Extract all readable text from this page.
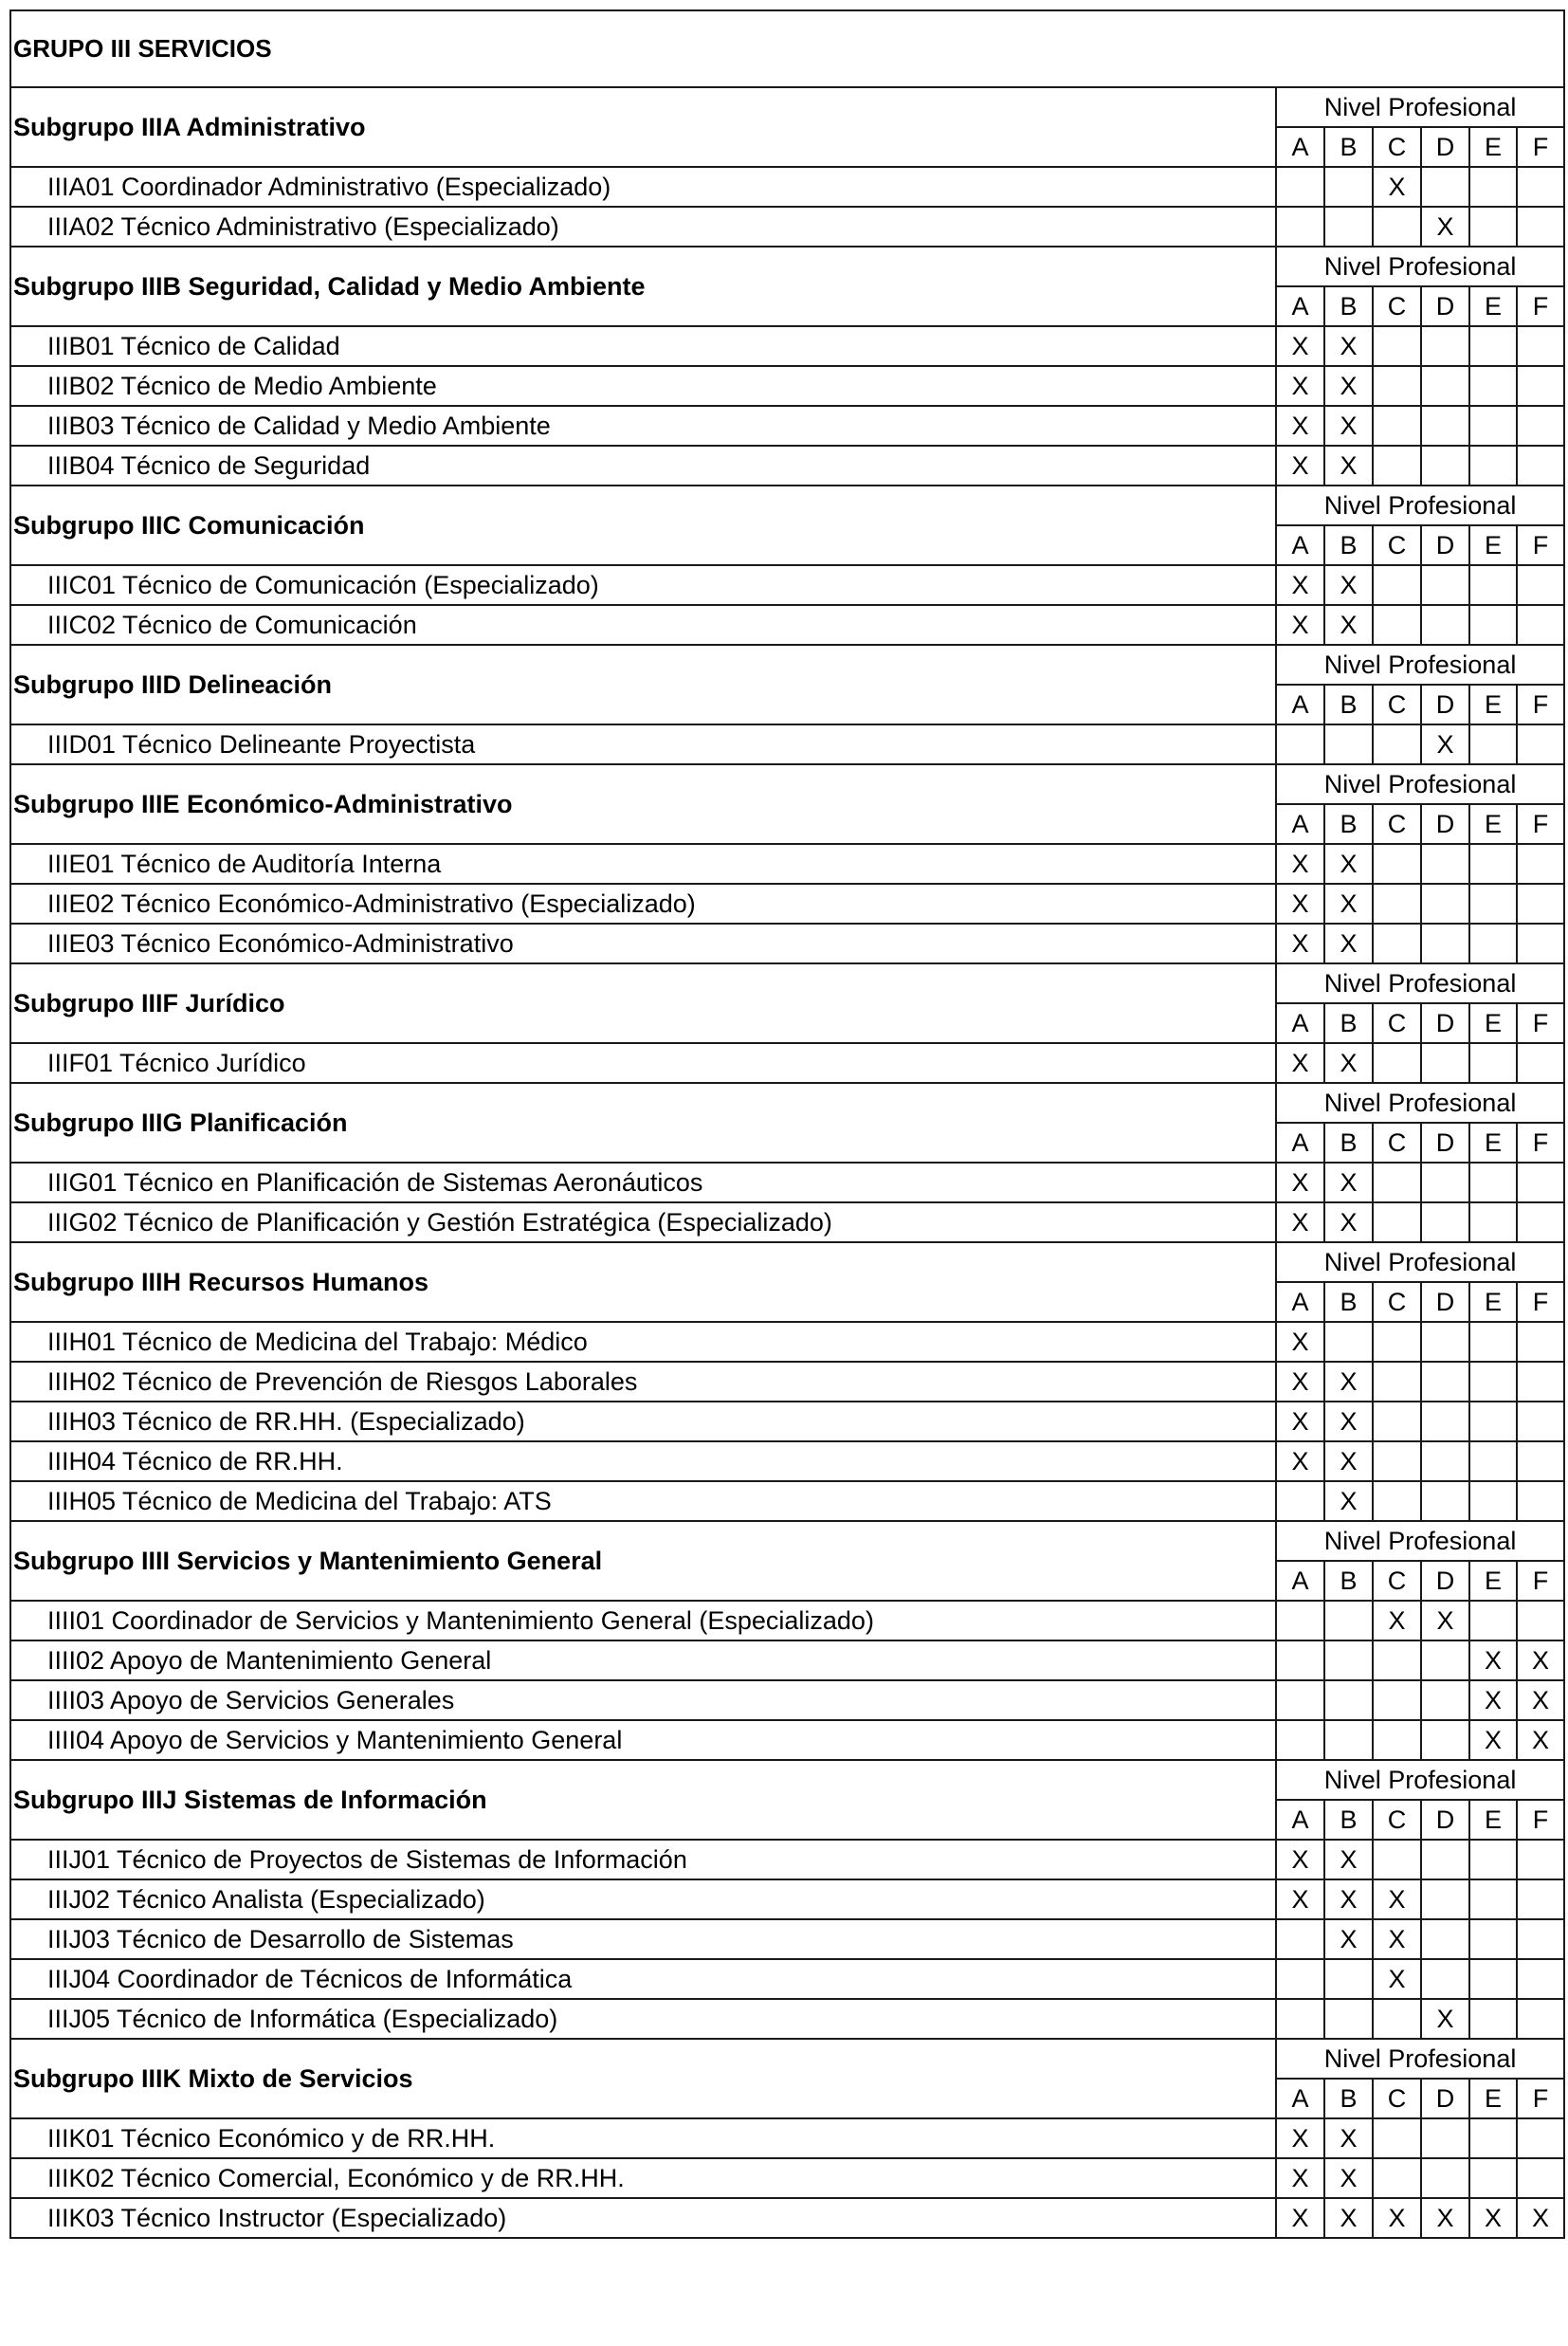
GRUPO III SERVICIOS						
Subgrupo IIIA Administrativo	Nivel Profesional					
	A	B	C	D	E	F
IIIA01 Coordinador Administrativo (Especializado)			X			
IIIA02 Técnico Administrativo (Especializado)				X		
Subgrupo IIIB Seguridad, Calidad y Medio Ambiente	Nivel Profesional					
	A	B	C	D	E	F
IIIB01 Técnico de Calidad	X	X				
IIIB02 Técnico de Medio Ambiente	X	X				
IIIB03 Técnico de Calidad y Medio Ambiente	X	X				
IIIB04 Técnico de Seguridad	X	X				
Subgrupo IIIC Comunicación	Nivel Profesional					
	A	B	C	D	E	F
IIIC01 Técnico de Comunicación (Especializado)	X	X				
IIIC02 Técnico de Comunicación	X	X				
Subgrupo IIID Delineación	Nivel Profesional					
	A	B	C	D	E	F
IIID01 Técnico Delineante Proyectista				X		
Subgrupo IIIE Económico-Administrativo	Nivel Profesional					
	A	B	C	D	E	F
IIIE01 Técnico de Auditoría Interna	X	X				
IIIE02 Técnico Económico-Administrativo (Especializado)	X	X				
IIIE03 Técnico Económico-Administrativo	X	X				
Subgrupo IIIF Jurídico	Nivel Profesional					
	A	B	C	D	E	F
IIIF01 Técnico Jurídico	X	X				
Subgrupo IIIG Planificación	Nivel Profesional					
	A	B	C	D	E	F
IIIG01 Técnico en Planificación de Sistemas Aeronáuticos	X	X				
IIIG02 Técnico de Planificación y Gestión Estratégica (Especializado)	X	X				
Subgrupo IIIH Recursos Humanos	Nivel Profesional					
	A	B	C	D	E	F
IIIH01 Técnico de Medicina del Trabajo: Médico	X					
IIIH02 Técnico de Prevención de Riesgos Laborales	X	X				
IIIH03 Técnico de RR.HH. (Especializado)	X	X				
IIIH04 Técnico de RR.HH.	X	X				
IIIH05 Técnico de Medicina del Trabajo: ATS		X				
Subgrupo IIII Servicios y Mantenimiento General	Nivel Profesional					
	A	B	C	D	E	F
IIII01 Coordinador de Servicios y Mantenimiento General (Especializado)			X	X		
IIII02 Apoyo de Mantenimiento General					X	X
IIII03 Apoyo de Servicios Generales					X	X
IIII04 Apoyo de Servicios y Mantenimiento General					X	X
Subgrupo IIIJ Sistemas de Información	Nivel Profesional					
	A	B	C	D	E	F
IIIJ01 Técnico de Proyectos de Sistemas de Información	X	X				
IIIJ02 Técnico Analista (Especializado)	X	X	X			
IIIJ03 Técnico de Desarrollo de Sistemas		X	X			
IIIJ04 Coordinador de Técnicos de Informática			X			
IIIJ05 Técnico de Informática (Especializado)				X		
Subgrupo IIIK Mixto de Servicios	Nivel Profesional					
	A	B	C	D	E	F
IIIK01 Técnico Económico y de RR.HH.	X	X				
IIIK02 Técnico Comercial, Económico y de RR.HH.	X	X				
IIIK03 Técnico Instructor (Especializado)	X	X	X	X	X	X
